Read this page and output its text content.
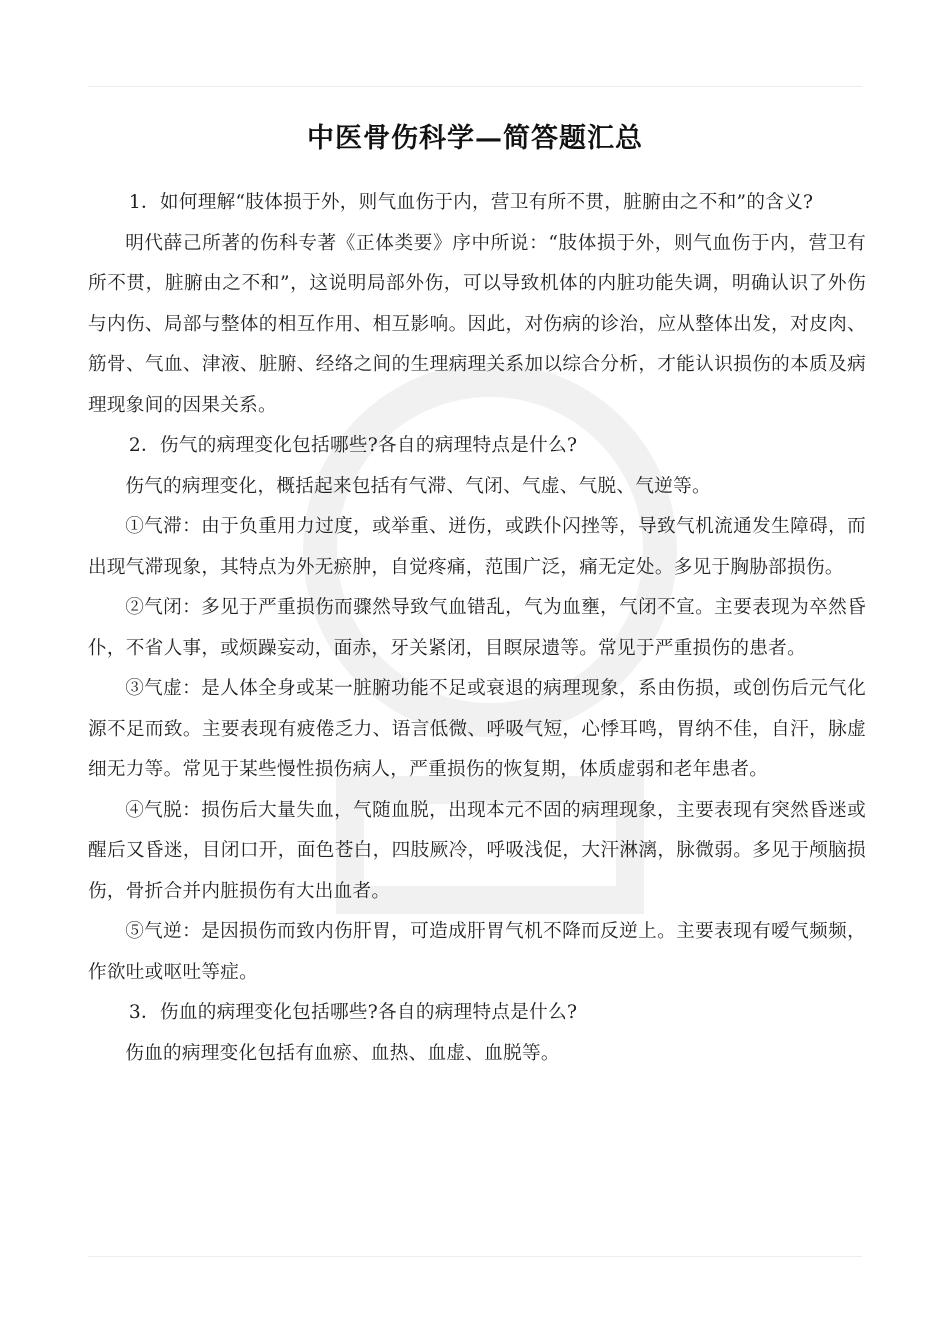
中医骨伤科学—简答题汇总

1．如何理解“肢体损于外，则气血伤于内，营卫有所不贯，脏腑由之不和”的含义?

明代薛己所著的伤科专著《正体类要》序中所说：“肢体损于外，则气血伤于内，营卫有所不贯，脏腑由之不和”，这说明局部外伤，可以导致机体的内脏功能失调，明确认识了外伤与内伤、局部与整体的相互作用、相互影响。因此，对伤病的诊治，应从整体出发，对皮肉、筋骨、气血、津液、脏腑、经络之间的生理病理关系加以综合分析，才能认识损伤的本质及病理现象间的因果关系。

2．伤气的病理变化包括哪些?各自的病理特点是什么?

伤气的病理变化，概括起来包括有气滞、气闭、气虚、气脱、气逆等。

①气滞：由于负重用力过度，或举重、迸伤，或跌仆闪挫等，导致气机流通发生障碍，而出现气滞现象，其特点为外无瘀肿，自觉疼痛，范围广泛，痛无定处。多见于胸胁部损伤。

②气闭：多见于严重损伤而骤然导致气血错乱，气为血壅，气闭不宣。主要表现为卒然昏仆，不省人事，或烦躁妄动，面赤，牙关紧闭，目瞑尿遗等。常见于严重损伤的患者。

③气虚：是人体全身或某一脏腑功能不足或衰退的病理现象，系由伤损，或创伤后元气化源不足而致。主要表现有疲倦乏力、语言低微、呼吸气短，心悸耳鸣，胃纳不佳，自汗，脉虚细无力等。常见于某些慢性损伤病人，严重损伤的恢复期，体质虚弱和老年患者。

④气脱：损伤后大量失血，气随血脱，出现本元不固的病理现象，主要表现有突然昏迷或醒后又昏迷，目闭口开，面色苍白，四肢厥冷，呼吸浅促，大汗淋漓，脉微弱。多见于颅脑损伤，骨折合并内脏损伤有大出血者。

⑤气逆：是因损伤而致内伤肝胃，可造成肝胃气机不降而反逆上。主要表现有嗳气频频，作欲吐或呕吐等症。

3．伤血的病理变化包括哪些?各自的病理特点是什么?

伤血的病理变化包括有血瘀、血热、血虚、血脱等。
